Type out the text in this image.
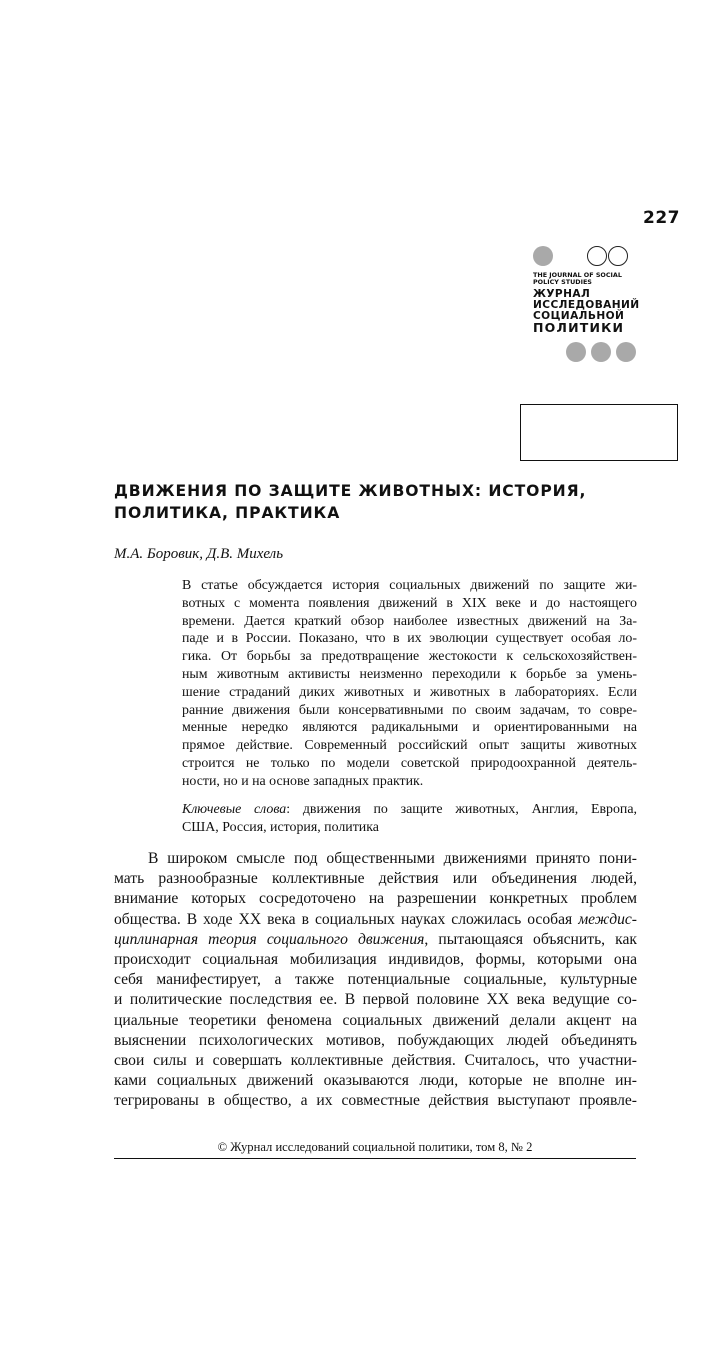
227
THE JOURNAL OF SOCIAL
POLICY STUDIES
ЖУРНАЛ
ИССЛЕДОВАНИЙ
СОЦИАЛЬНОЙ
ПОЛИТИКИ
ДВИЖЕНИЯ ПО ЗАЩИТЕ ЖИВОТНЫХ: ИСТОРИЯ,
ПОЛИТИКА, ПРАКТИКА
М.А. Боровик, Д.В. Михель
В статье обсуждается история социальных движений по защите жи-
вотных с момента появления движений в XIX веке и до настоящего
времени. Дается краткий обзор наиболее известных движений на За-
паде и в России. Показано, что в их эволюции существует особая ло-
гика. От борьбы за предотвращение жестокости к сельскохозяйствен-
ным животным активисты неизменно переходили к борьбе за умень-
шение страданий диких животных и животных в лабораториях. Если
ранние движения были консервативными по своим задачам, то совре-
менные нередко являются радикальными и ориентированными на
прямое действие. Современный российский опыт защиты животных
строится не только по модели советской природоохранной деятель-
ности, но и на основе западных практик.
Ключевые слова: движения по защите животных, Англия, Европа,
США, Россия, история, политика
В широком смысле под общественными движениями принято пони-
мать разнообразные коллективные действия или объединения людей,
внимание которых сосредоточено на разрешении конкретных проблем
общества. В ходе XX века в социальных науках сложилась особая междис-
циплинарная теория социального движения, пытающаяся объяснить, как
происходит социальная мобилизация индивидов, формы, которыми она
себя манифестирует, а также потенциальные социальные, культурные
и политические последствия ее. В первой половине XX века ведущие со-
циальные теоретики феномена социальных движений делали акцент на
выяснении психологических мотивов, побуждающих людей объединять
свои силы и совершать коллективные действия. Считалось, что участни-
ками социальных движений оказываются люди, которые не вполне ин-
тегрированы в общество, а их совместные действия выступают проявле-
© Журнал исследований социальной политики, том 8, № 2
